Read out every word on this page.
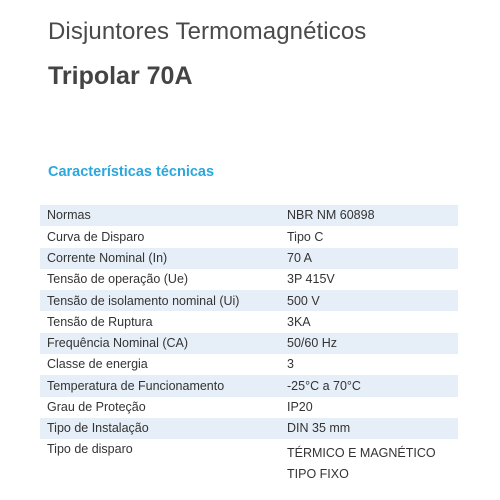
Disjuntores Termomagnéticos
Tripolar 70A
Características técnicas
Normas	NBR NM 60898
Curva de Disparo	Tipo C
Corrente Nominal (In)	70 A
Tensão de operação (Ue)	3P 415V
Tensão de isolamento nominal (Ui)	500 V
Tensão de Ruptura	3KA
Frequência Nominal (CA)	50/60 Hz
Classe de energia	3
Temperatura de Funcionamento	-25°C a 70°C
Grau de Proteção	IP20
Tipo de Instalação	DIN 35 mm
Tipo de disparo	TÉRMICO E MAGNÉTICO
TIPO FIXO
